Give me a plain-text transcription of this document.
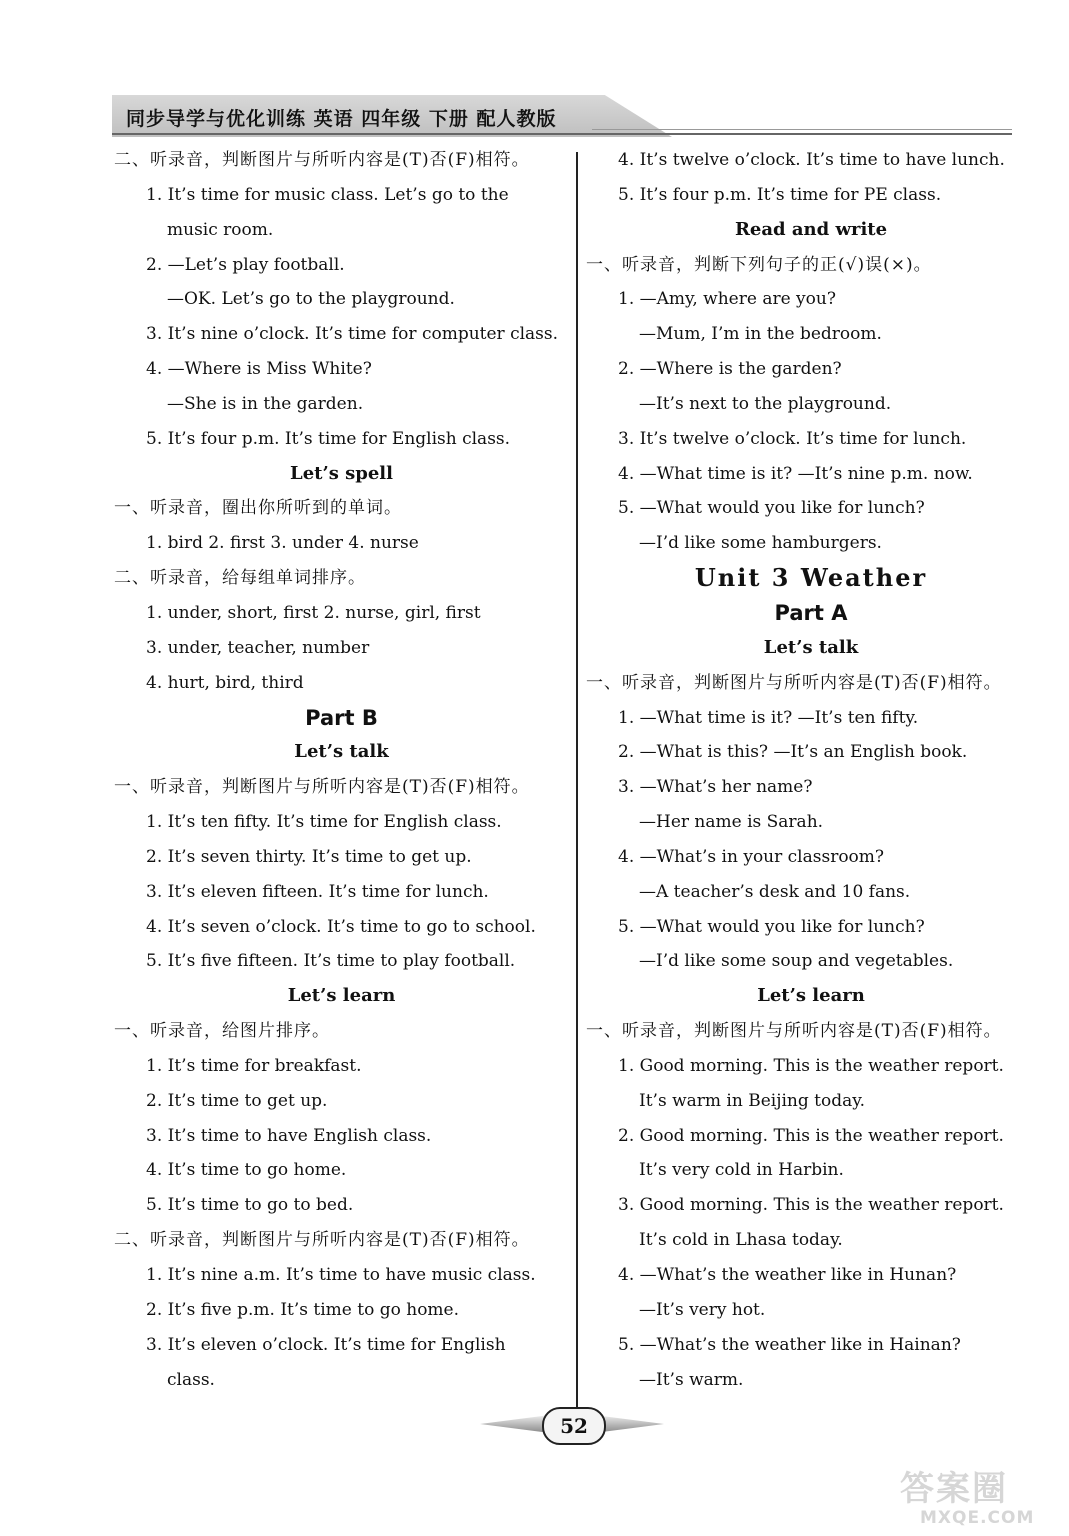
同步导学与优化训练 英语 四年级 下册 配人教版
二、听录音，判断图片与所听内容是(T)否(F)相符。
1. It’s time for music class. Let’s go to the
music room.
2. —Let’s play football.
—OK. Let’s go to the playground.
3. It’s nine o’clock. It’s time for computer class.
4. —Where is Miss White?
—She is in the garden.
5. It’s four p.m. It’s time for English class.
Let’s spell
一、听录音，圈出你所听到的单词。
1. bird 2. first 3. under 4. nurse
二、听录音，给每组单词排序。
1. under, short, first 2. nurse, girl, first
3. under, teacher, number
4. hurt, bird, third
Part B
Let’s talk
一、听录音，判断图片与所听内容是(T)否(F)相符。
1. It’s ten fifty. It’s time for English class.
2. It’s seven thirty. It’s time to get up.
3. It’s eleven fifteen. It’s time for lunch.
4. It’s seven o’clock. It’s time to go to school.
5. It’s five fifteen. It’s time to play football.
Let’s learn
一、听录音，给图片排序。
1. It’s time for breakfast.
2. It’s time to get up.
3. It’s time to have English class.
4. It’s time to go home.
5. It’s time to go to bed.
二、听录音，判断图片与所听内容是(T)否(F)相符。
1. It’s nine a.m. It’s time to have music class.
2. It’s five p.m. It’s time to go home.
3. It’s eleven o’clock. It’s time for English
class.
4. It’s twelve o’clock. It’s time to have lunch.
5. It’s four p.m. It’s time for PE class.
Read and write
一、听录音，判断下列句子的正(√)误(×)。
1. —Amy, where are you?
—Mum, I’m in the bedroom.
2. —Where is the garden?
—It’s next to the playground.
3. It’s twelve o’clock. It’s time for lunch.
4. —What time is it? —It’s nine p.m. now.
5. —What would you like for lunch?
—I’d like some hamburgers.
Unit 3 Weather
Part A
Let’s talk
一、听录音，判断图片与所听内容是(T)否(F)相符。
1. —What time is it? —It’s ten fifty.
2. —What is this? —It’s an English book.
3. —What’s her name?
—Her name is Sarah.
4. —What’s in your classroom?
—A teacher’s desk and 10 fans.
5. —What would you like for lunch?
—I’d like some soup and vegetables.
Let’s learn
一、听录音，判断图片与所听内容是(T)否(F)相符。
1. Good morning. This is the weather report.
It’s warm in Beijing today.
2. Good morning. This is the weather report.
It’s very cold in Harbin.
3. Good morning. This is the weather report.
It’s cold in Lhasa today.
4. —What’s the weather like in Hunan?
—It’s very hot.
5. —What’s the weather like in Hainan?
—It’s warm.
52
答案圈
MXQE.COM
